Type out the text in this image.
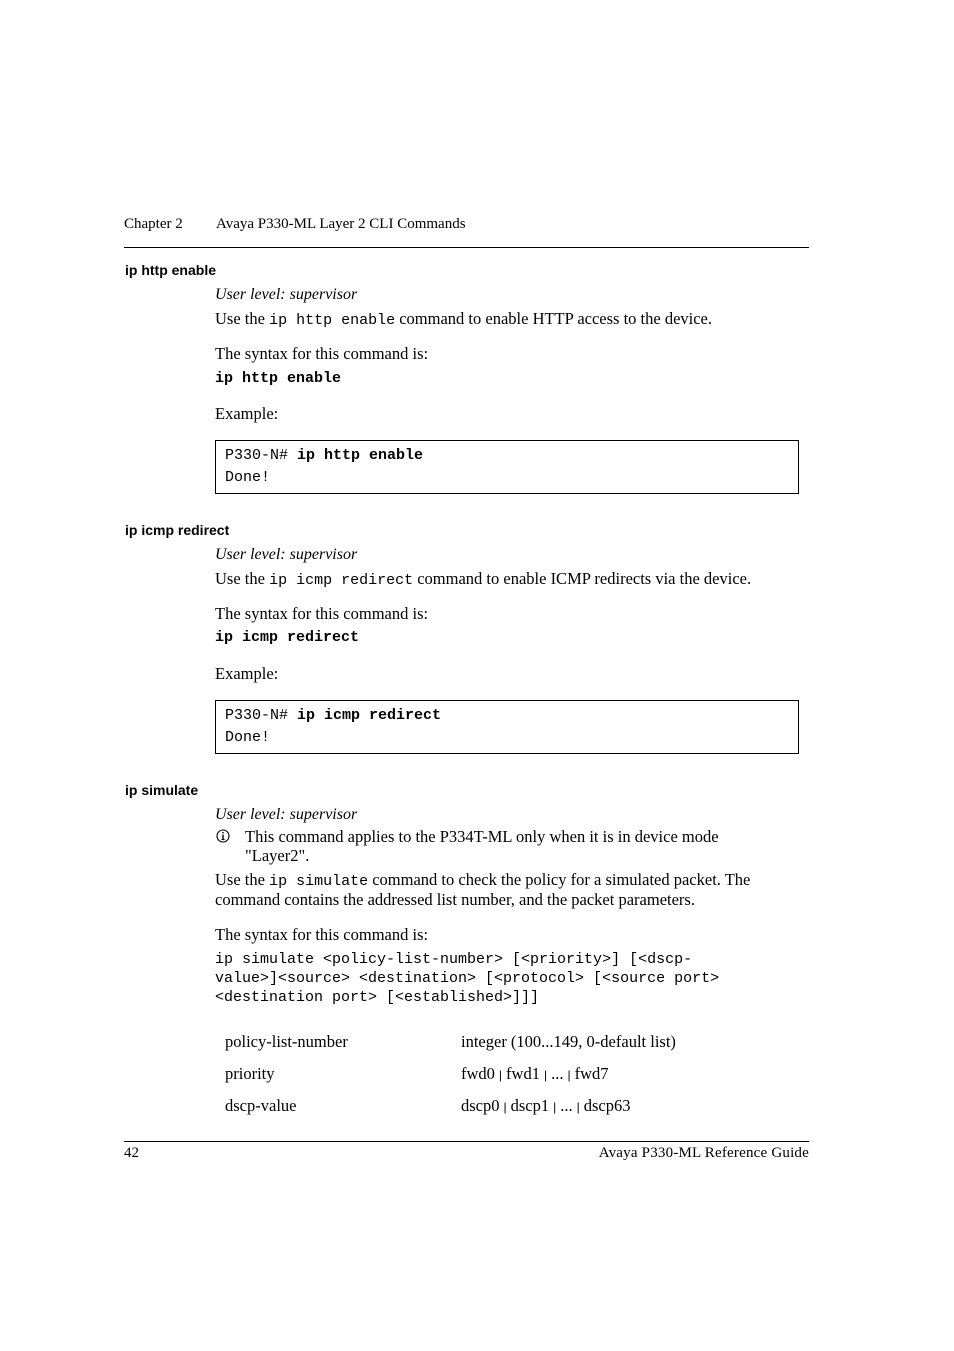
Chapter 2 Avaya P330-ML Layer 2 CLI Commands
ip http enable
User level: supervisor
Use the ip http enable command to enable HTTP access to the device.
The syntax for this command is:
ip http enable
Example:
P330-N# ip http enable
Done!
ip icmp redirect
User level: supervisor
Use the ip icmp redirect command to enable ICMP redirects via the device.
The syntax for this command is:
ip icmp redirect
Example:
P330-N# ip icmp redirect
Done!
ip simulate
User level: supervisor
This command applies to the P334T-ML only when it is in device mode
"Layer2".
Use the ip simulate command to check the policy for a simulated packet. The
command contains the addressed list number, and the packet parameters.
The syntax for this command is:
ip simulate <policy-list-number> [<priority>] [<dscp-
value>]<source> <destination> [<protocol> [<source port>
<destination port> [<established>]]]
policy-list-number	integer (100...149, 0-default list)
priority	fwd0 | fwd1 | ... | fwd7
dscp-value	dscp0 | dscp1 | ... | dscp63
42	Avaya P330-ML Reference Guide
